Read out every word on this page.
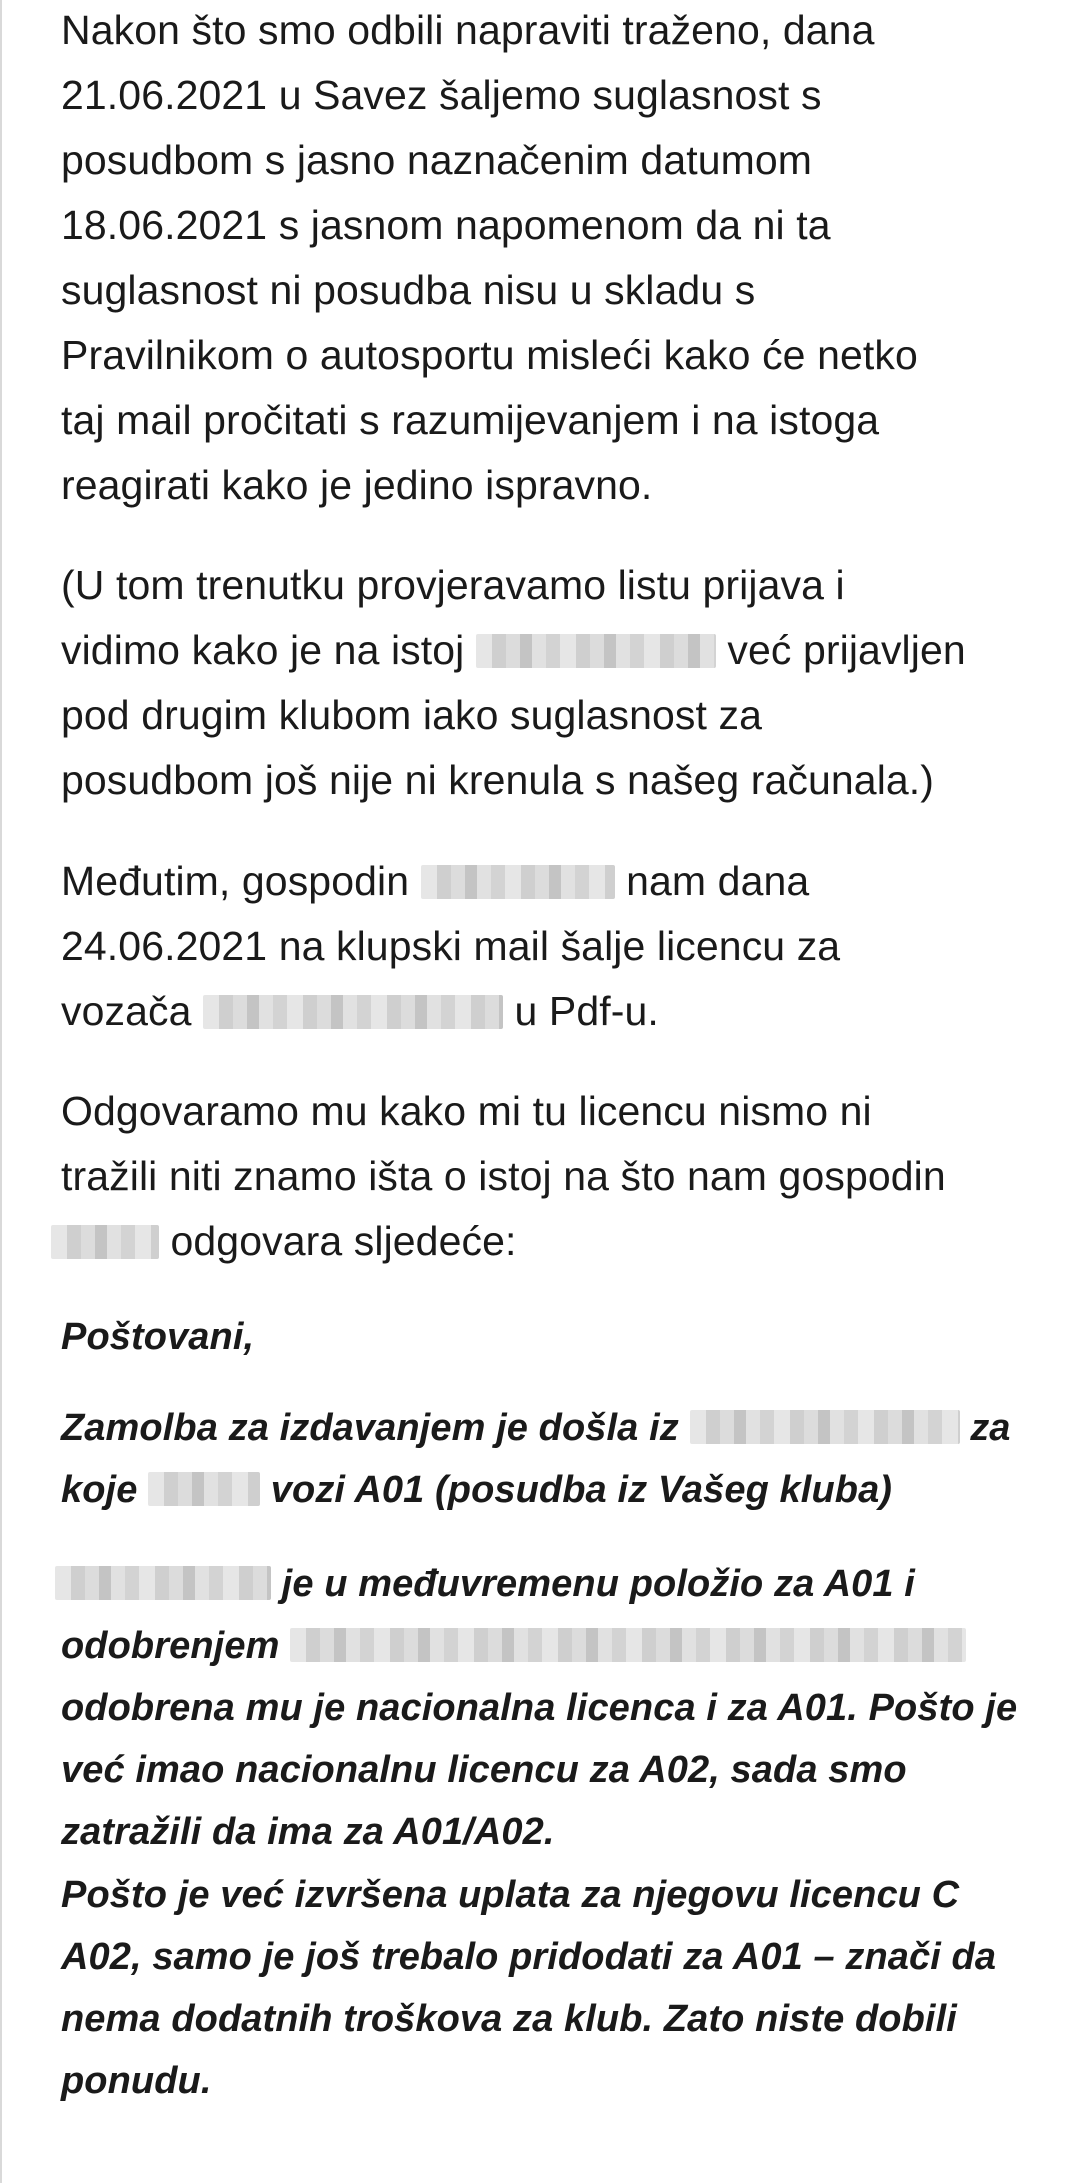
Nakon što smo odbili napraviti traženo, dana
21.06.2021 u Savez šaljemo suglasnost s
posudbom s jasno naznačenim datumom
18.06.2021 s jasnom napomenom da ni ta
suglasnost ni posudba nisu u skladu s
Pravilnikom o autosportu misleći kako će netko
taj mail pročitati s razumijevanjem i na istoga
reagirati kako je jedino ispravno.

(U tom trenutku provjeravamo listu prijava i
vidimo kako je na istoj	već prijavljen
pod drugim klubom iako suglasnost za
posudbom još nije ni krenula s našeg računala.)

Međutim, gospodin	nam dana
24.06.2021 na klupski mail šalje licencu za
vozača	u Pdf-u.

Odgovaramo mu kako mi tu licencu nismo ni
tražili niti znamo išta o istoj na što nam gospodin
odgovara sljedeće:

Poštovani,

Zamolba za izdavanjem je došla iz	za
koje	vozi A01 (posudba iz Vašeg kluba)

je u međuvremenu položio za A01 i
odobrenjem
odobrena mu je nacionalna licenca i za A01. Pošto je
već imao nacionalnu licencu za A02, sada smo
zatražili da ima za A01/A02.

Pošto je već izvršena uplata za njegovu licencu C
A02, samo je još trebalo pridodati za A01 – znači da
nema dodatnih troškova za klub. Zato niste dobili
ponudu.
